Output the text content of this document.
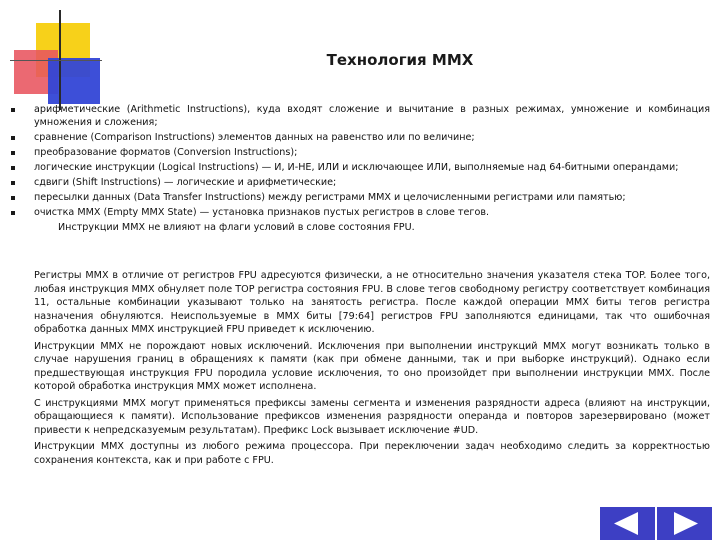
Технология MMX
арифметические (Arithmetic Instructions), куда входят сложение и вычитание в разных режимах, умножение и комбинация умножения и сложения;
сравнение (Comparison Instructions) элементов данных на равенство или по величине;
преобразование форматов (Conversion Instructions);
логические инструкции (Logical Instructions) — И, И-НЕ, ИЛИ и исключающее ИЛИ, выполняемые над 64-битными операндами;
сдвиги (Shift Instructions) — логические и арифметические;
пересылки данных (Data Transfer Instructions) между регистрами MMX и целочисленными регистрами или памятью;
очистка MMX (Empty MMX State) — установка признаков пустых регистров в слове тегов.
Инструкции MMX не влияют на флаги условий в слове состояния FPU.

Регистры MMX в отличие от регистров FPU адресуются физически, а не относительно значения указателя стека TOP. Более того, любая инструкция MMX обнуляет поле TOP регистра состояния FPU. В слове тегов свободному регистру соответствует комбинация 11, остальные комбинации указывают только на занятость регистра. После каждой операции MMX биты тегов регистра назначения обнуляются. Неиспользуемые в MMX биты [79:64] регистров FPU заполняются единицами, так что ошибочная обработка данных MMX инструкцией FPU приведет к исключению.

Инструкции MMX не порождают новых исключений. Исключения при выполнении инструкций MMX могут возникать только в случае нарушения границ в обращениях к памяти (как при обмене данными, так и при выборке инструкций). Однако если предшествующая инструкция FPU породила условие исключения, то оно произойдет при выполнении инструкции MMX. После которой обработка инструкция MMX может исполнена.

С инструкциями MMX могут применяться префиксы замены сегмента и изменения разрядности адреса (влияют на инструкции, обращающиеся к памяти). Использование префиксов изменения разрядности операнда и повторов зарезервировано (может привести к непредсказуемым результатам). Префикс Lock вызывает исключение #UD.

Инструкции MMX доступны из любого режима процессора. При переключении задач необходимо следить за корректностью сохранения контекста, как и при работе с FPU.
